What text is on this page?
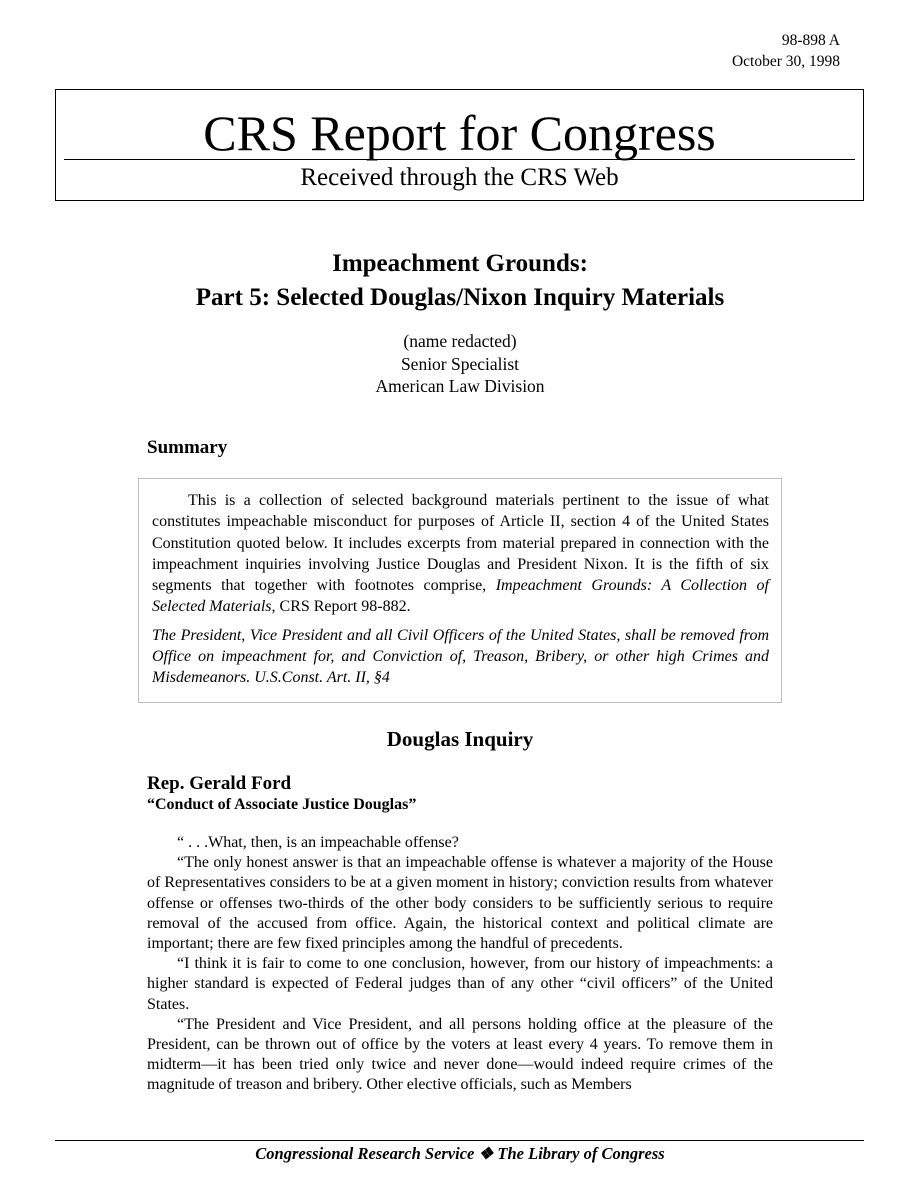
98-898 A
October 30, 1998
CRS Report for Congress
Received through the CRS Web
Impeachment Grounds:
Part 5: Selected Douglas/Nixon Inquiry Materials
(name redacted)
Senior Specialist
American Law Division
Summary

This is a collection of selected background materials pertinent to the issue of what constitutes impeachable misconduct for purposes of Article II, section 4 of the United States Constitution quoted below. It includes excerpts from material prepared in connection with the impeachment inquiries involving Justice Douglas and President Nixon. It is the fifth of six segments that together with footnotes comprise, Impeachment Grounds: A Collection of Selected Materials, CRS Report 98-882.

The President, Vice President and all Civil Officers of the United States, shall be removed from Office on impeachment for, and Conviction of, Treason, Bribery, or other high Crimes and Misdemeanors. U.S.Const. Art. II, §4

Douglas Inquiry
Rep. Gerald Ford
“Conduct of Associate Justice Douglas”

“ . . .What, then, is an impeachable offense?

“The only honest answer is that an impeachable offense is whatever a majority of the House of Representatives considers to be at a given moment in history; conviction results from whatever offense or offenses two-thirds of the other body considers to be sufficiently serious to require removal of the accused from office. Again, the historical context and political climate are important; there are few fixed principles among the handful of precedents.

“I think it is fair to come to one conclusion, however, from our history of impeachments: a higher standard is expected of Federal judges than of any other “civil officers” of the United States.

“The President and Vice President, and all persons holding office at the pleasure of the President, can be thrown out of office by the voters at least every 4 years. To remove them in midterm—it has been tried only twice and never done—would indeed require crimes of the magnitude of treason and bribery. Other elective officials, such as Members

Congressional Research Service ❖ The Library of Congress
